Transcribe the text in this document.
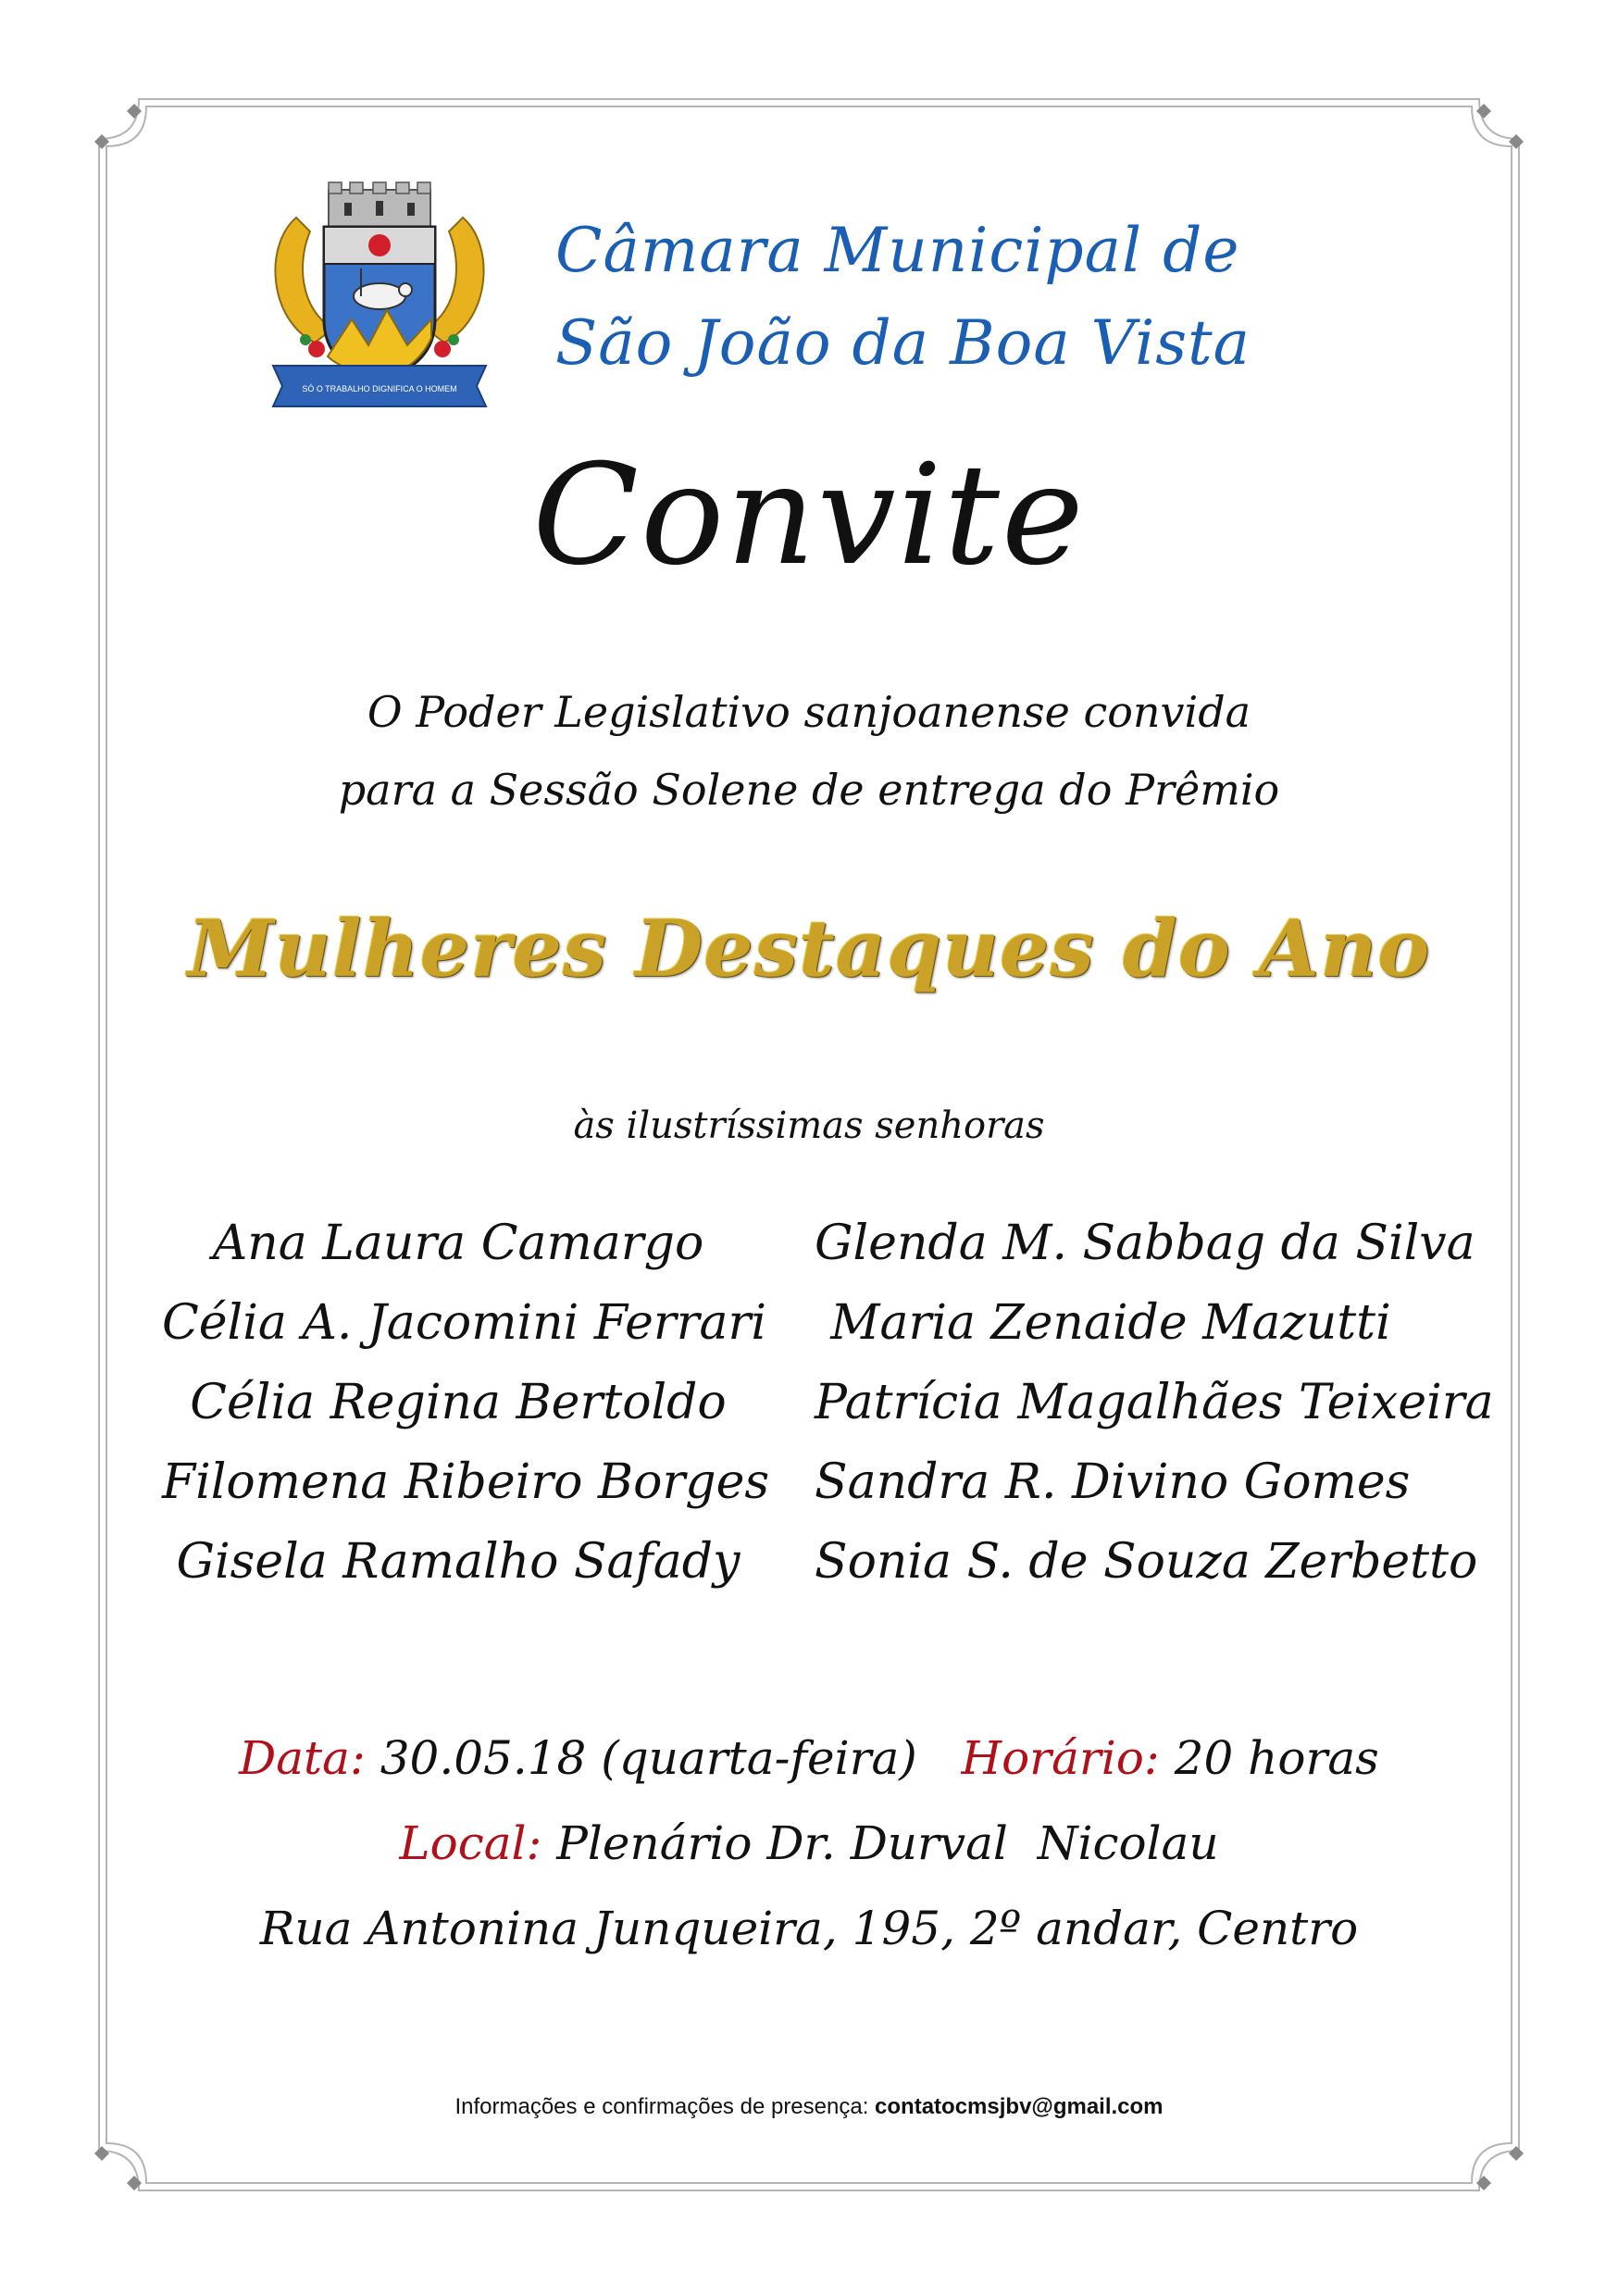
SÓ O TRABALHO DIGNIFICA O HOMEM
Câmara Municipal de
São João da Boa Vista
Convite
O Poder Legislativo sanjoanense convida
para a Sessão Solene de entrega do Prêmio
Mulheres Destaques do Ano
às ilustríssimas senhoras
Ana Laura Camargo
Célia A. Jacomini Ferrari
Célia Regina Bertoldo
Filomena Ribeiro Borges
Gisela Ramalho Safady
Glenda M. Sabbag da Silva
Maria Zenaide Mazutti
Patrícia Magalhães Teixeira
Sandra R. Divino Gomes
Sonia S. de Souza Zerbetto
Data: 30.05.18 (quarta-feira) Horário: 20 horas
Local: Plenário Dr. Durval  Nicolau
Rua Antonina Junqueira, 195, 2º andar, Centro
Informações e confirmações de presença: contatocmsjbv@gmail.com
